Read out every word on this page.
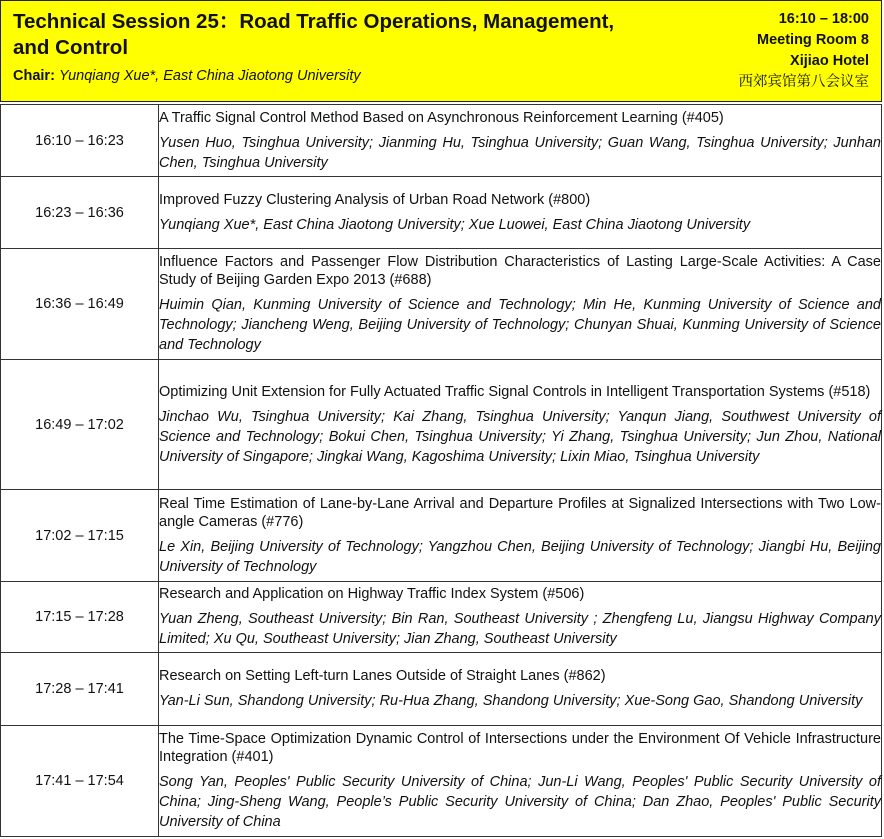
Technical Session 25：Road Traffic Operations, Management, and Control
Chair: Yunqiang Xue*, East China Jiaotong University
16:10 – 18:00
Meeting Room 8
Xijiao Hotel
西郊宾馆第八会议室
16:10 – 16:23	A Traffic Signal Control Method Based on Asynchronous Reinforcement Learning (#405)
Yusen Huo, Tsinghua University; Jianming Hu, Tsinghua University; Guan Wang, Tsinghua University; Junhan Chen, Tsinghua University

16:23 – 16:36	Improved Fuzzy Clustering Analysis of Urban Road Network (#800)
Yunqiang Xue*, East China Jiaotong University; Xue Luowei, East China Jiaotong University

16:36 – 16:49	Influence Factors and Passenger Flow Distribution Characteristics of Lasting Large-Scale Activities: A Case Study of Beijing Garden Expo 2013 (#688)
Huimin Qian, Kunming University of Science and Technology; Min He, Kunming University of Science and Technology; Jiancheng Weng, Beijing University of Technology; Chunyan Shuai, Kunming University of Science and Technology

16:49 – 17:02	Optimizing Unit Extension for Fully Actuated Traffic Signal Controls in Intelligent Transportation Systems (#518)
Jinchao Wu, Tsinghua University; Kai Zhang, Tsinghua University; Yanqun Jiang, Southwest University of Science and Technology; Bokui Chen, Tsinghua University; Yi Zhang, Tsinghua University; Jun Zhou, National University of Singapore; Jingkai Wang, Kagoshima University; Lixin Miao, Tsinghua University

17:02 – 17:15	Real Time Estimation of Lane-by-Lane Arrival and Departure Profiles at Signalized Intersections with Two Low-angle Cameras (#776)
Le Xin, Beijing University of Technology; Yangzhou Chen, Beijing University of Technology; Jiangbi Hu, Beijing University of Technology

17:15 – 17:28	Research and Application on Highway Traffic Index System (#506)
Yuan Zheng, Southeast University; Bin Ran, Southeast University ; Zhengfeng Lu, Jiangsu Highway Company Limited; Xu Qu, Southeast University; Jian Zhang, Southeast University

17:28 – 17:41	Research on Setting Left-turn Lanes Outside of Straight Lanes (#862)
Yan-Li Sun, Shandong University; Ru-Hua Zhang, Shandong University; Xue-Song Gao, Shandong University

17:41 – 17:54	The Time-Space Optimization Dynamic Control of Intersections under the Environment Of Vehicle Infrastructure Integration (#401)
Song Yan, Peoples' Public Security University of China; Jun-Li Wang, Peoples' Public Security University of China; Jing-Sheng Wang, People’s Public Security University of China; Dan Zhao, Peoples' Public Security University of China
